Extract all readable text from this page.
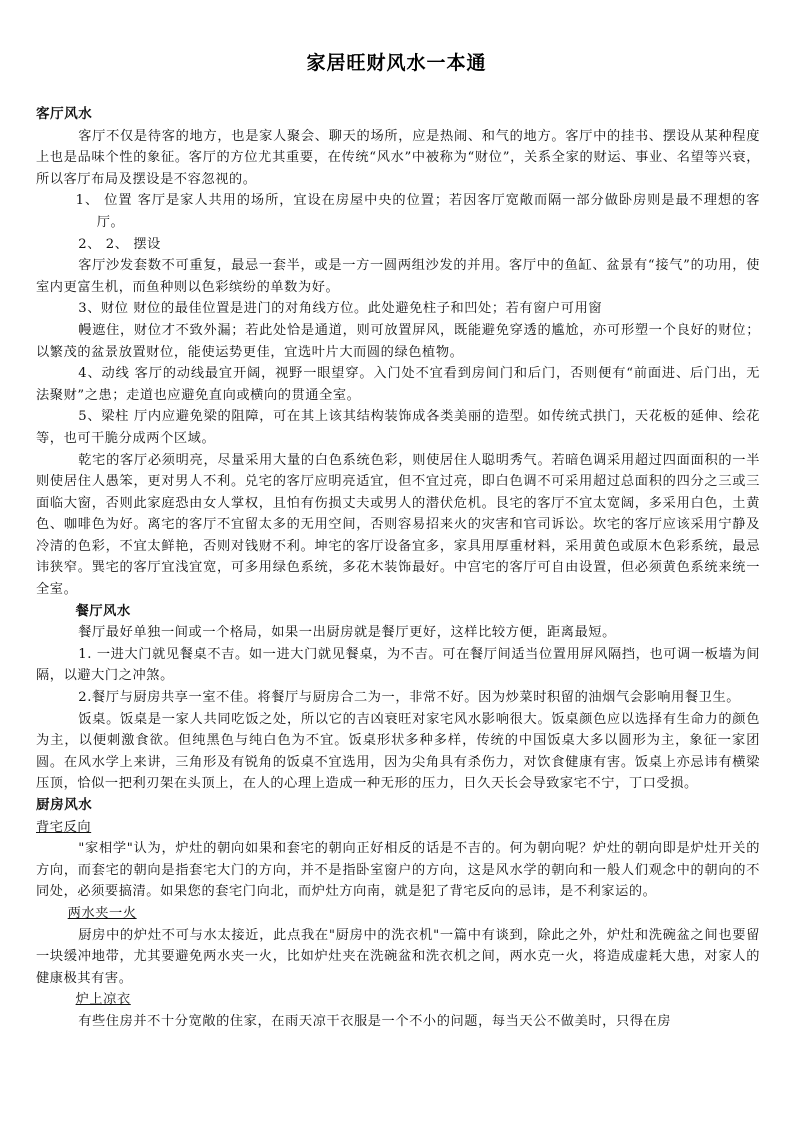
家居旺财风水一本通

客厅风水

客厅不仅是待客的地方，也是家人聚会、聊天的场所，应是热闹、和气的地方。客厅中的挂书、摆设从某种程度上也是品味个性的象征。客厅的方位尤其重要，在传统“风水”中被称为“财位”，关系全家的财运、事业、名望等兴衰，所以客厅布局及摆设是不容忽视的。

1、 位置 客厅是家人共用的场所，宜设在房屋中央的位置；若因客厅宽敞而隔一部分做卧房则是最不理想的客厅。

2、 2、 摆设

客厅沙发套数不可重复，最忌一套半，或是一方一圆两组沙发的并用。客厅中的鱼缸、盆景有“接气”的功用，使室内更富生机，而鱼种则以色彩缤纷的单数为好。

3、财位 财位的最佳位置是进门的对角线方位。此处避免柱子和凹处；若有窗户可用窗

幔遮住，财位才不致外漏；若此处恰是通道，则可放置屏风，既能避免穿透的尴尬，亦可形塑一个良好的财位；以繁茂的盆景放置财位，能使运势更佳，宜选叶片大而圆的绿色植物。

4、动线 客厅的动线最宜开阔，视野一眼望穿。入门处不宜看到房间门和后门，否则便有“前面进、后门出，无法聚财”之患；走道也应避免直向或横向的贯通全室。

5、梁柱 厅内应避免梁的阻障，可在其上该其结构装饰成各类美丽的造型。如传统式拱门，天花板的延伸、绘花等，也可干脆分成两个区域。

乾宅的客厅必须明亮，尽量采用大量的白色系统色彩，则使居住人聪明秀气。若暗色调采用超过四面面积的一半则使居住人愚笨，更对男人不利。兑宅的客厅应明亮适宜，但不宜过亮，即白色调不可采用超过总面积的四分之三或三面临大窗，否则此家庭恐由女人掌权，且怕有伤损丈夫或男人的潜伏危机。艮宅的客厅不宜太宽阔，多采用白色，土黄色、咖啡色为好。离宅的客厅不宜留太多的无用空间，否则容易招来火的灾害和官司诉讼。坎宅的客厅应该采用宁静及冷清的色彩，不宜太鲜艳，否则对钱财不利。坤宅的客厅设备宜多，家具用厚重材料，采用黄色或原木色彩系统，最忌讳狭窄。巽宅的客厅宜浅宜宽，可多用绿色系统，多花木装饰最好。中宫宅的客厅可自由设置，但必须黄色系统来统一全室。

餐厅风水

餐厅最好单独一间或一个格局，如果一出厨房就是餐厅更好，这样比较方便，距离最短。

1. 一进大门就见餐桌不吉。如一进大门就见餐桌，为不吉。可在餐厅间适当位置用屏风隔挡，也可调一板墙为间隔，以避大门之冲煞。

2.餐厅与厨房共享一室不佳。将餐厅与厨房合二为一，非常不好。因为炒菜时积留的油烟气会影响用餐卫生。

饭桌。饭桌是一家人共同吃饭之处，所以它的吉凶衰旺对家宅风水影响很大。饭桌颜色应以选择有生命力的颜色为主，以便刺激食欲。但纯黑色与纯白色为不宜。饭桌形状多种多样，传统的中国饭桌大多以圆形为主，象征一家团圆。在风水学上来讲，三角形及有锐角的饭桌不宜选用，因为尖角具有杀伤力，对饮食健康有害。饭桌上亦忌讳有横梁压顶，恰似一把利刃架在头顶上，在人的心理上造成一种无形的压力，日久天长会导致家宅不宁，丁口受损。

厨房风水

背宅反向

"家相学"认为，炉灶的朝向如果和套宅的朝向正好相反的话是不吉的。何为朝向呢？炉灶的朝向即是炉灶开关的方向，而套宅的朝向是指套宅大门的方向，并不是指卧室窗户的方向，这是风水学的朝向和一般人们观念中的朝向的不同处，必须要搞清。如果您的套宅门向北，而炉灶方向南，就是犯了背宅反向的忌讳，是不利家运的。

两水夹一火

厨房中的炉灶不可与水太接近，此点我在"厨房中的洗衣机"一篇中有谈到，除此之外，炉灶和洗碗盆之间也要留一块缓冲地带，尤其要避免两水夹一火，比如炉灶夹在洗碗盆和洗衣机之间，两水克一火，将造成虚耗大患，对家人的健康极其有害。

炉上凉衣

有些住房并不十分宽敞的住家，在雨天凉干衣服是一个不小的问题，每当天公不做美时，只得在房
